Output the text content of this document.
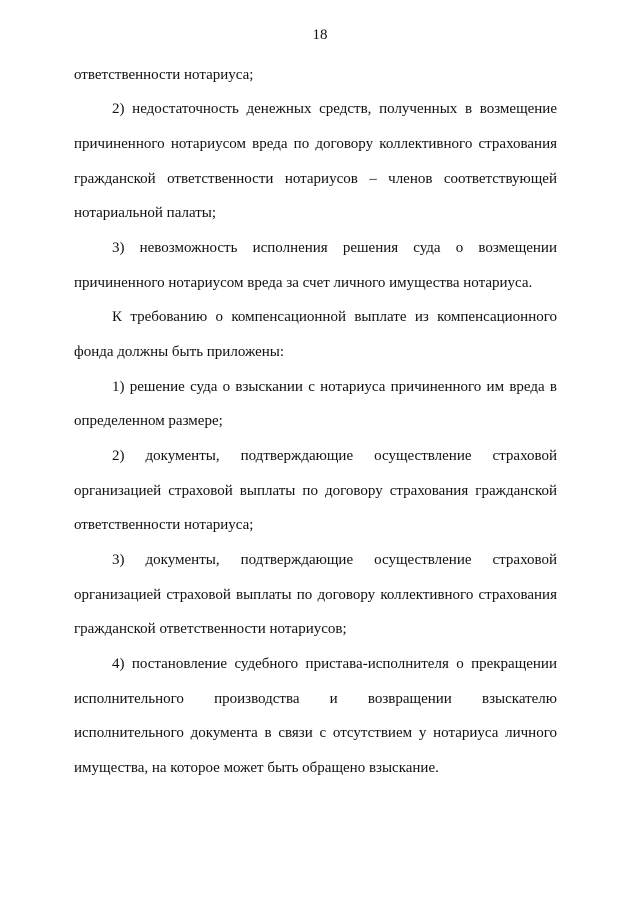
18
ответственности нотариуса;
2) недостаточность денежных средств, полученных в возмещение
причиненного нотариусом вреда по договору коллективного страхования
гражданской ответственности нотариусов – членов соответствующей
нотариальной палаты;
3) невозможность исполнения решения суда о возмещении
причиненного нотариусом вреда за счет личного имущества нотариуса.
К требованию о компенсационной выплате из компенсационного
фонда должны быть приложены:
1) решение суда о взыскании с нотариуса причиненного им вреда в
определенном размере;
2) документы, подтверждающие осуществление страховой
организацией страховой выплаты по договору страхования гражданской
ответственности нотариуса;
3) документы, подтверждающие осуществление страховой
организацией страховой выплаты по договору коллективного страхования
гражданской ответственности нотариусов;
4) постановление судебного пристава-исполнителя о прекращении
исполнительного производства и возвращении взыскателю
исполнительного документа в связи с отсутствием у нотариуса личного
имущества, на которое может быть обращено взыскание.
